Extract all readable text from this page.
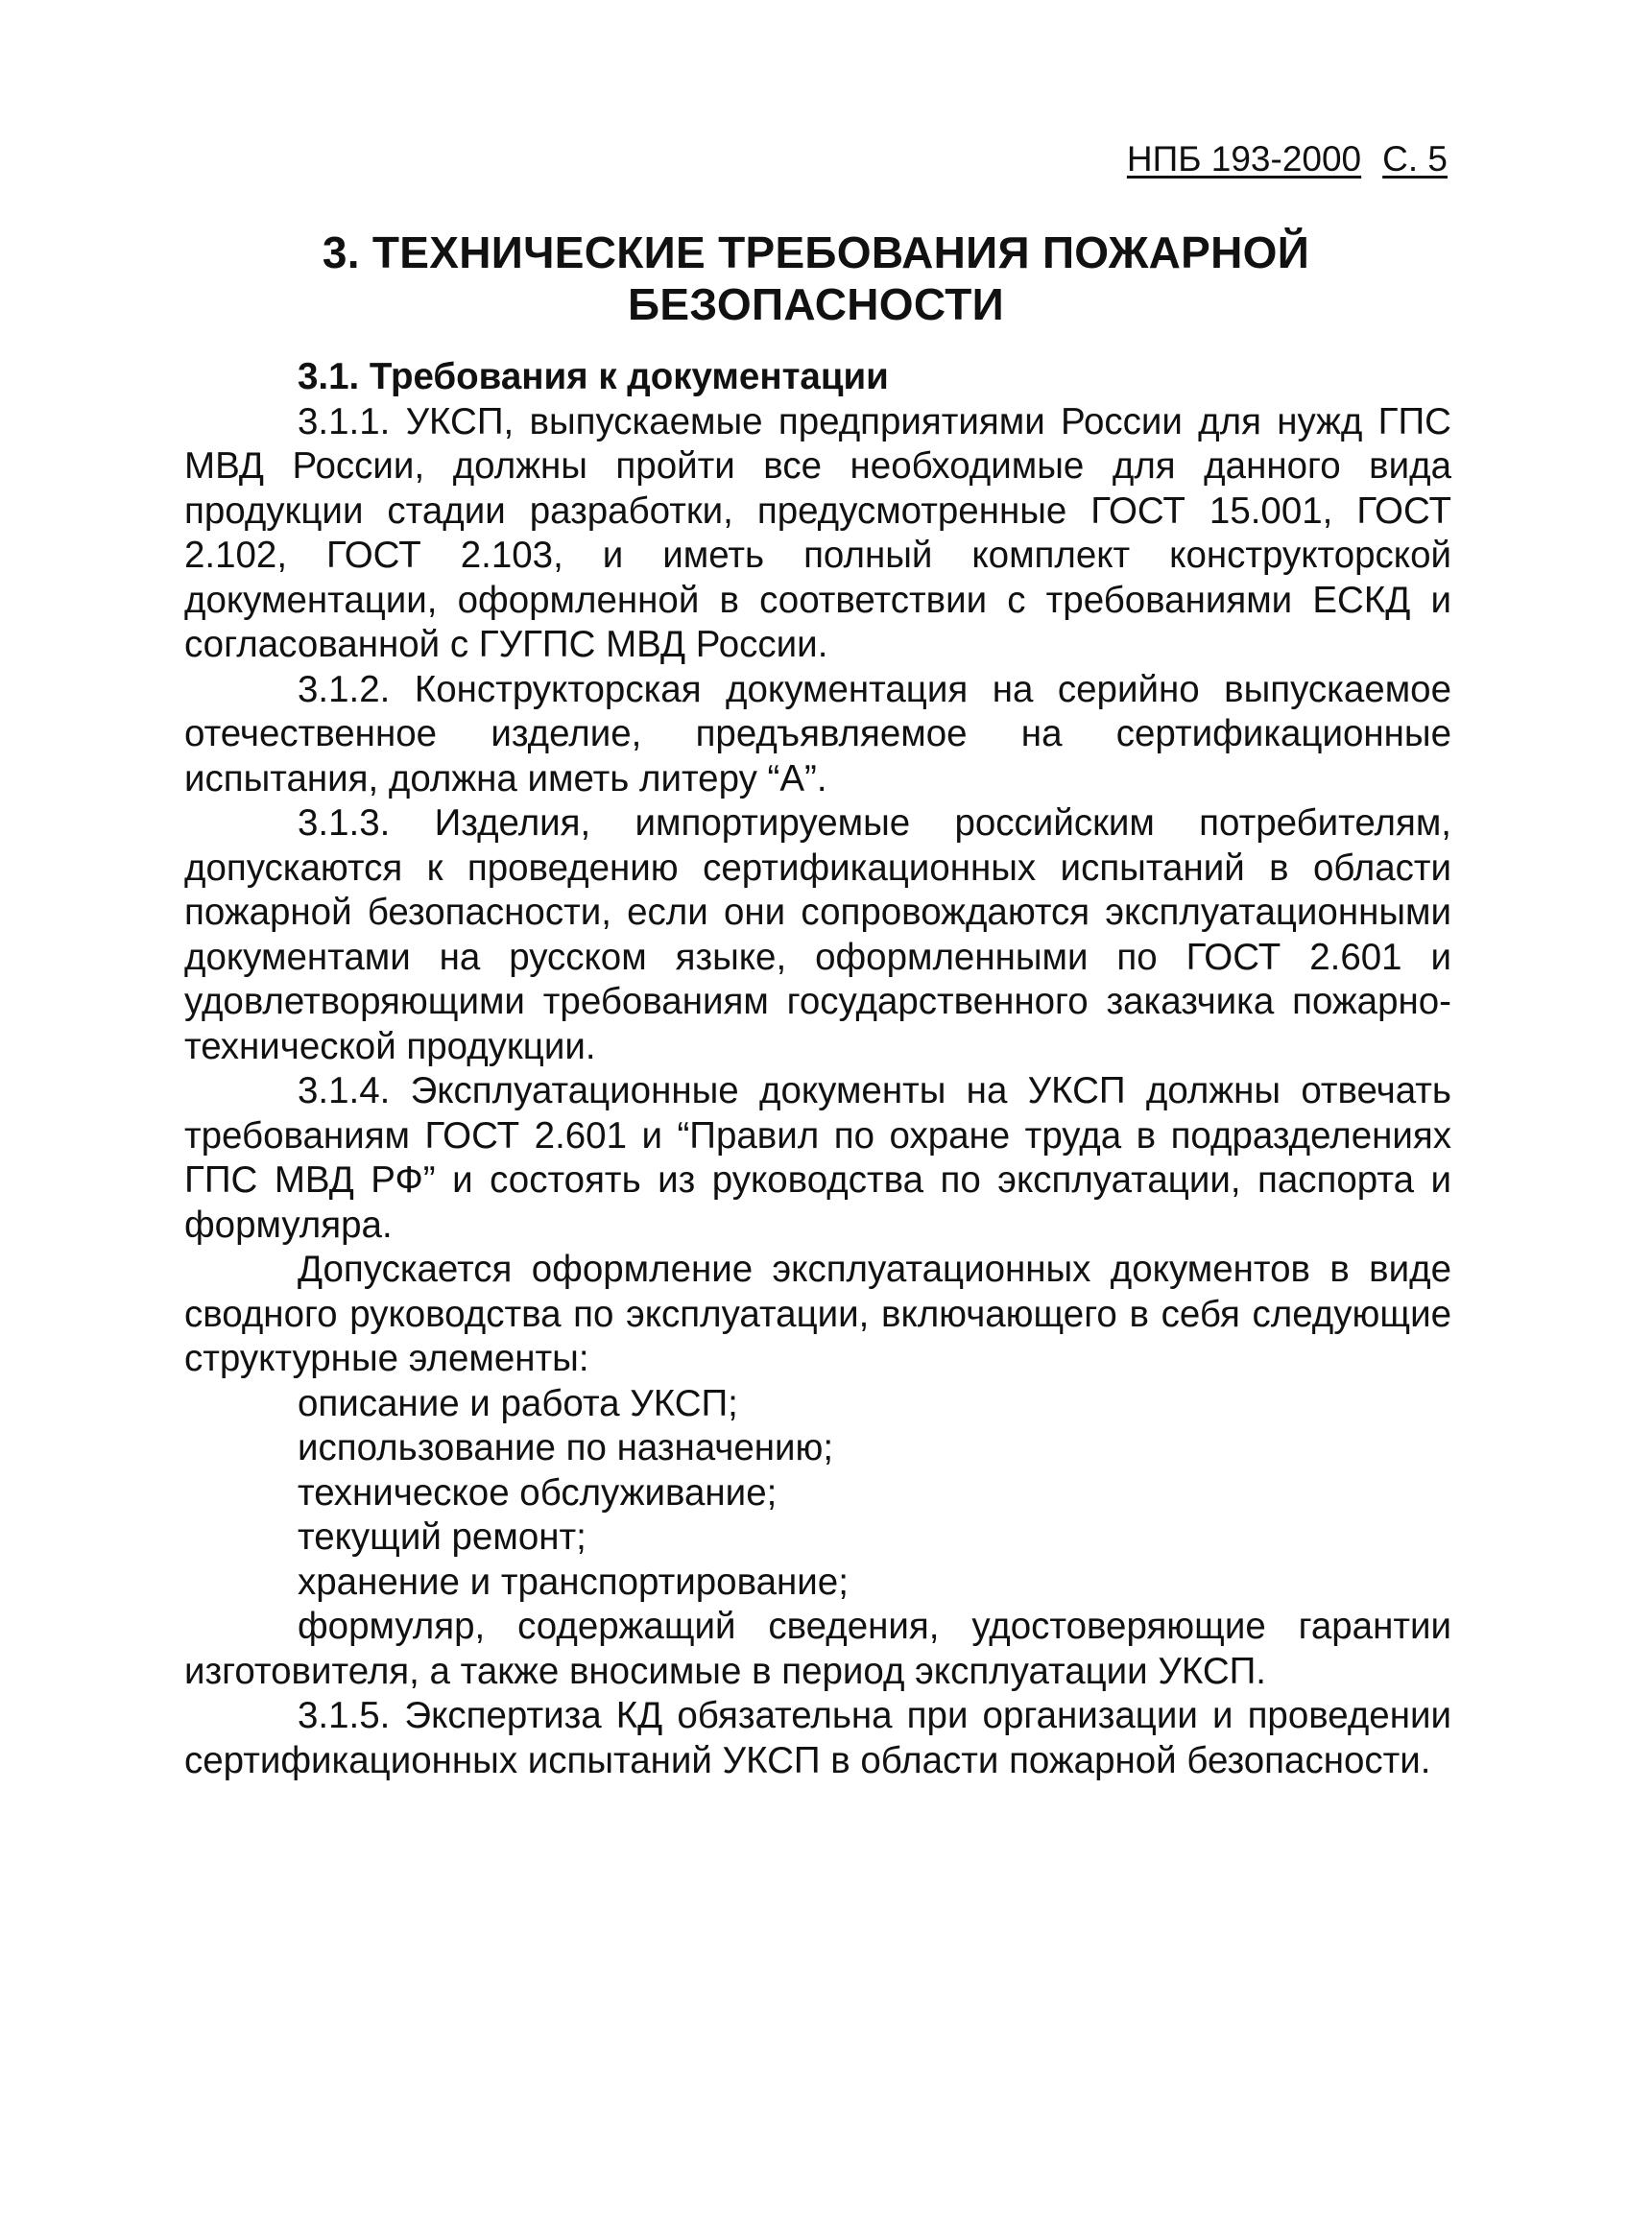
НПБ 193-2000 С. 5
3. ТЕХНИЧЕСКИЕ ТРЕБОВАНИЯ ПОЖАРНОЙ
БЕЗОПАСНОСТИ

3.1. Требования к документации

3.1.1. УКСП, выпускаемые предприятиями России для нужд ГПС МВД России, должны пройти все необходимые для данного вида продукции стадии разработки, предусмотренные ГОСТ 15.001, ГОСТ 2.102, ГОСТ 2.103, и иметь полный комплект конструкторской документации, оформленной в соответствии с требованиями ЕСКД и согласованной с ГУГПС МВД России.

3.1.2. Конструкторская документация на серийно выпускаемое отечественное изделие, предъявляемое на сертификационные испытания, должна иметь литеру “А”.

3.1.3. Изделия, импортируемые российским потребителям, допускаются к проведению сертификационных испытаний в области пожарной безопасности, если они сопровождаются эксплуатационными документами на русском языке, оформленными по ГОСТ 2.601 и удовлетворяющими требованиям государственного заказчика пожарно-технической продукции.

3.1.4. Эксплуатационные документы на УКСП должны отвечать требованиям ГОСТ 2.601 и “Правил по охране труда в подразделениях ГПС МВД РФ” и состоять из руководства по эксплуатации, паспорта и формуляра.

Допускается оформление эксплуатационных документов в виде сводного руководства по эксплуатации, включающего в себя следующие структурные элементы:

описание и работа УКСП;

использование по назначению;

техническое обслуживание;

текущий ремонт;

хранение и транспортирование;

формуляр, содержащий сведения, удостоверяющие гарантии изготовителя, а также вносимые в период эксплуатации УКСП.

3.1.5. Экспертиза КД обязательна при организации и проведении сертификационных испытаний УКСП в области пожарной безопасности.
